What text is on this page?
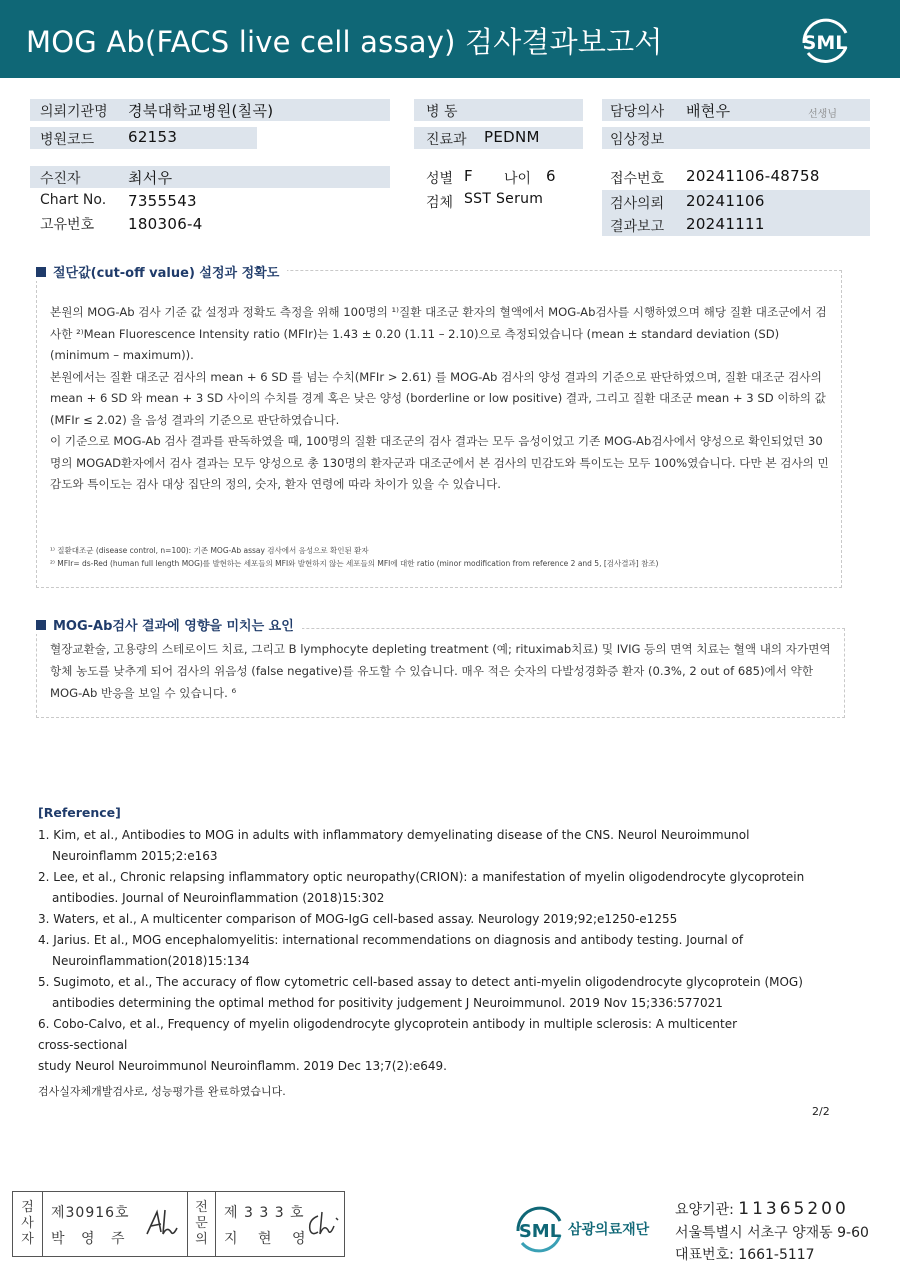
MOG Ab(FACS live cell assay) 검사결과보고서	SML
의뢰기관명 경북대학교병원(칠곡)
병원코드 62153
병 동
진료과 PEDNM
담당의사 배현우	선생님
임상정보
수진자	최서우
Chart No. 7355543
고유번호 180306-4
성별 F 나이 6
검체 SST Serum
접수번호 20241106-48758
검사의뢰 20241106
결과보고 20241111
절단값(cut-off value) 설정과 정확도

본원의 MOG-Ab 검사 기준 값 설정과 정확도 측정을 위해 100명의 ¹⁾질환 대조군 환자의 혈액에서 MOG-Ab검사를 시행하였으며 해당 질환 대조군에서 검사한 ²⁾Mean Fluorescence Intensity ratio (MFIr)는 1.43 ± 0.20 (1.11 – 2.10)으로 측정되었습니다 (mean ± standard deviation (SD) (minimum – maximum)).

본원에서는 질환 대조군 검사의 mean + 6 SD 를 넘는 수치(MFIr > 2.61) 를 MOG-Ab 검사의 양성 결과의 기준으로 판단하였으며, 질환 대조군 검사의 mean + 6 SD 와 mean + 3 SD 사이의 수치를 경계 혹은 낮은 양성 (borderline or low positive) 결과, 그리고 질환 대조군 mean + 3 SD 이하의 값 (MFIr ≤ 2.02) 을 음성 결과의 기준으로 판단하였습니다.

이 기준으로 MOG-Ab 검사 결과를 판독하였을 때, 100명의 질환 대조군의 검사 결과는 모두 음성이었고 기존 MOG-Ab검사에서 양성으로 확인되었던 30명의 MOGAD환자에서 검사 결과는 모두 양성으로 총 130명의 환자군과 대조군에서 본 검사의 민감도와 특이도는 모두 100%였습니다. 다만 본 검사의 민감도와 특이도는 검사 대상 집단의 정의, 숫자, 환자 연령에 따라 차이가 있을 수 있습니다.

¹⁾ 질환대조군 (disease control, n=100): 기존 MOG-Ab assay 검사에서 음성으로 확인된 환자
²⁾ MFIr= ds-Red (human full length MOG)를 발현하는 세포들의 MFI와 발현하지 않는 세포들의 MFI에 대한 ratio (minor modification from reference 2 and 5, [검사결과] 참조)
MOG-Ab검사 결과에 영향을 미치는 요인
혈장교환술, 고용량의 스테로이드 치료, 그리고 B lymphocyte depleting treatment (예; rituximab치료) 및 IVIG 등의 면역 치료는 혈액 내의 자가면역 항체 농도를 낮추게 되어 검사의 위음성 (false negative)를 유도할 수 있습니다. 매우 적은 숫자의 다발성경화증 환자 (0.3%, 2 out of 685)에서 약한 MOG-Ab 반응을 보일 수 있습니다. ⁶
[Reference]
1. Kim, et al., Antibodies to MOG in adults with inflammatory demyelinating disease of the CNS. Neurol Neuroimmunol Neuroinflamm 2015;2:e163
2. Lee, et al., Chronic relapsing inflammatory optic neuropathy(CRION): a manifestation of myelin oligodendrocyte glycoprotein antibodies. Journal of Neuroinflammation (2018)15:302
3. Waters, et al., A multicenter comparison of MOG-IgG cell-based assay. Neurology 2019;92;e1250-e1255
4. Jarius. Et al., MOG encephalomyelitis: international recommendations on diagnosis and antibody testing. Journal of Neuroinflammation(2018)15:134
5. Sugimoto, et al., The accuracy of flow cytometric cell-based assay to detect anti-myelin oligodendrocyte glycoprotein (MOG) antibodies determining the optimal method for positivity judgement J Neuroimmunol. 2019 Nov 15;336:577021
6. Cobo-Calvo, et al., Frequency of myelin oligodendrocyte glycoprotein antibody in multiple sclerosis: A multicenter
cross-sectional
study Neurol Neuroimmunol Neuroinflamm. 2019 Dec 13;7(2):e649.
검사실자체개발검사로, 성능평가를 완료하였습니다.
2/2
검 사 자
제30916호
박 영 주
전 문 의
제 3 3 3 호
지 현 영	SML 삼광의료재단
요양기관: 11365200
서울특별시 서초구 양재동 9-60
대표번호: 1661-5117
